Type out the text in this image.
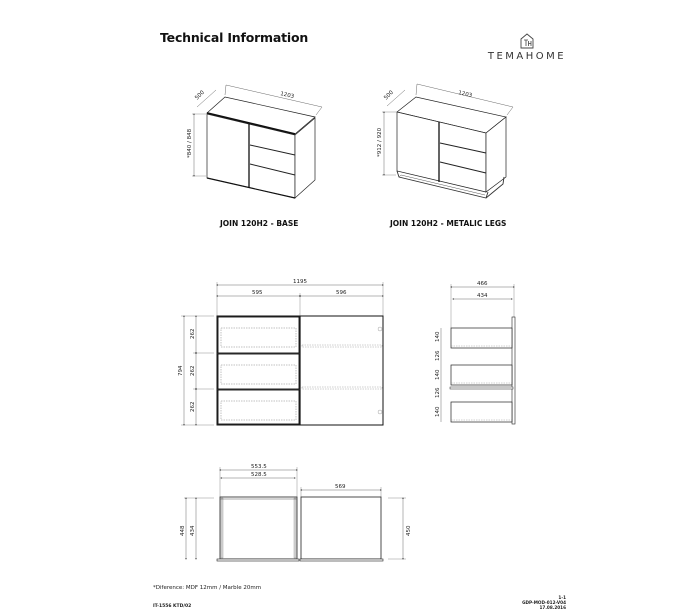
Technical Information
TEMAHOME
1203
500
*840 / 848
1203
500
*912 / 920
1195
595	596
794
262
262
262
466
434
140
126
140
126
140
553.5
528.5
448 434
569
450
JOIN 120H2 - BASE	JOIN 120H2 - METALIC LEGS
*Diference: MDF 12mm / Marble 20mm
IT-1556 KTD/02
1-1
GDP-MOD-012-V04
17.08.2016
